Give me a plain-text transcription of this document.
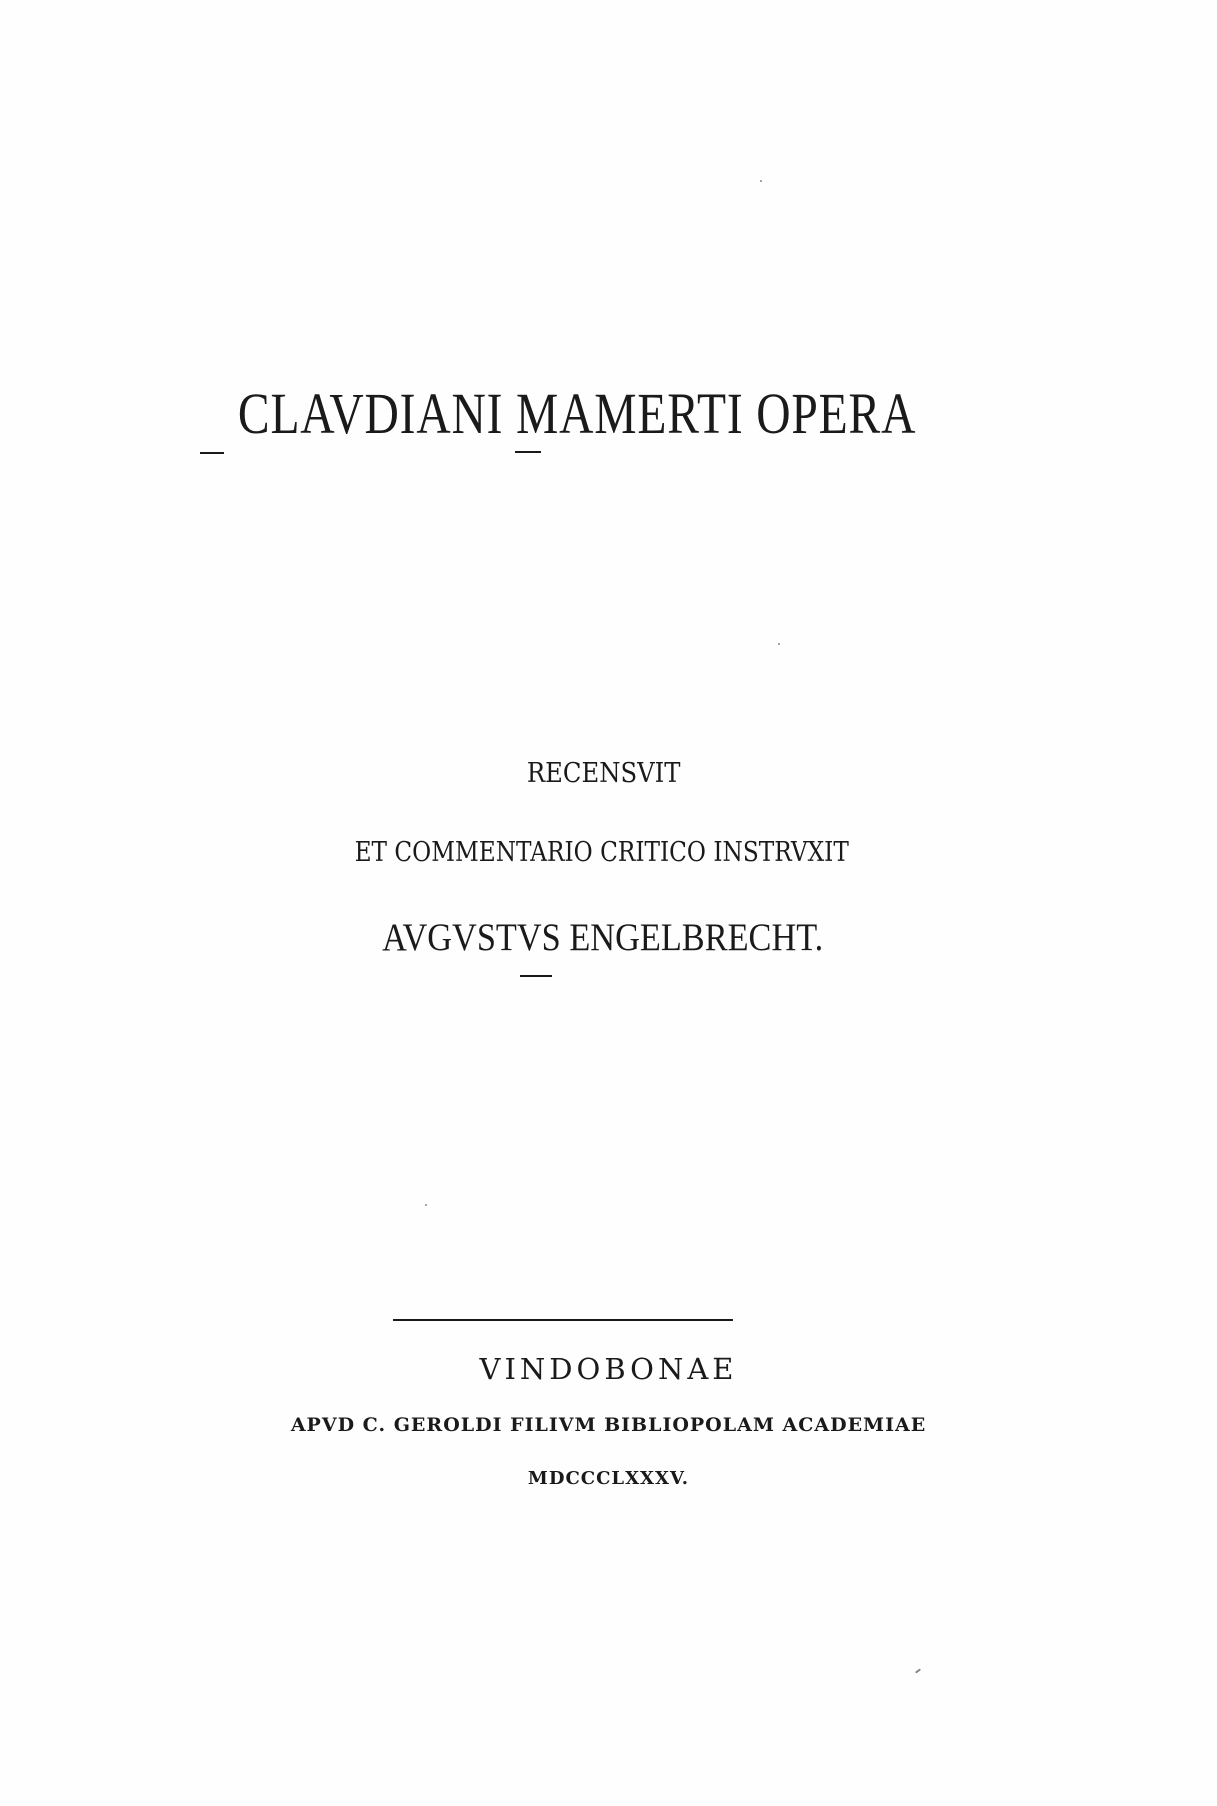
CLAVDIANI MAMERTI OPERA
RECENSVIT
ET COMMENTARIO CRITICO INSTRVXIT
AVGVSTVS ENGELBRECHT.
VINDOBONAE
APVD C. GEROLDI FILIVM BIBLIOPOLAM ACADEMIAE
MDCCCLXXXV.
